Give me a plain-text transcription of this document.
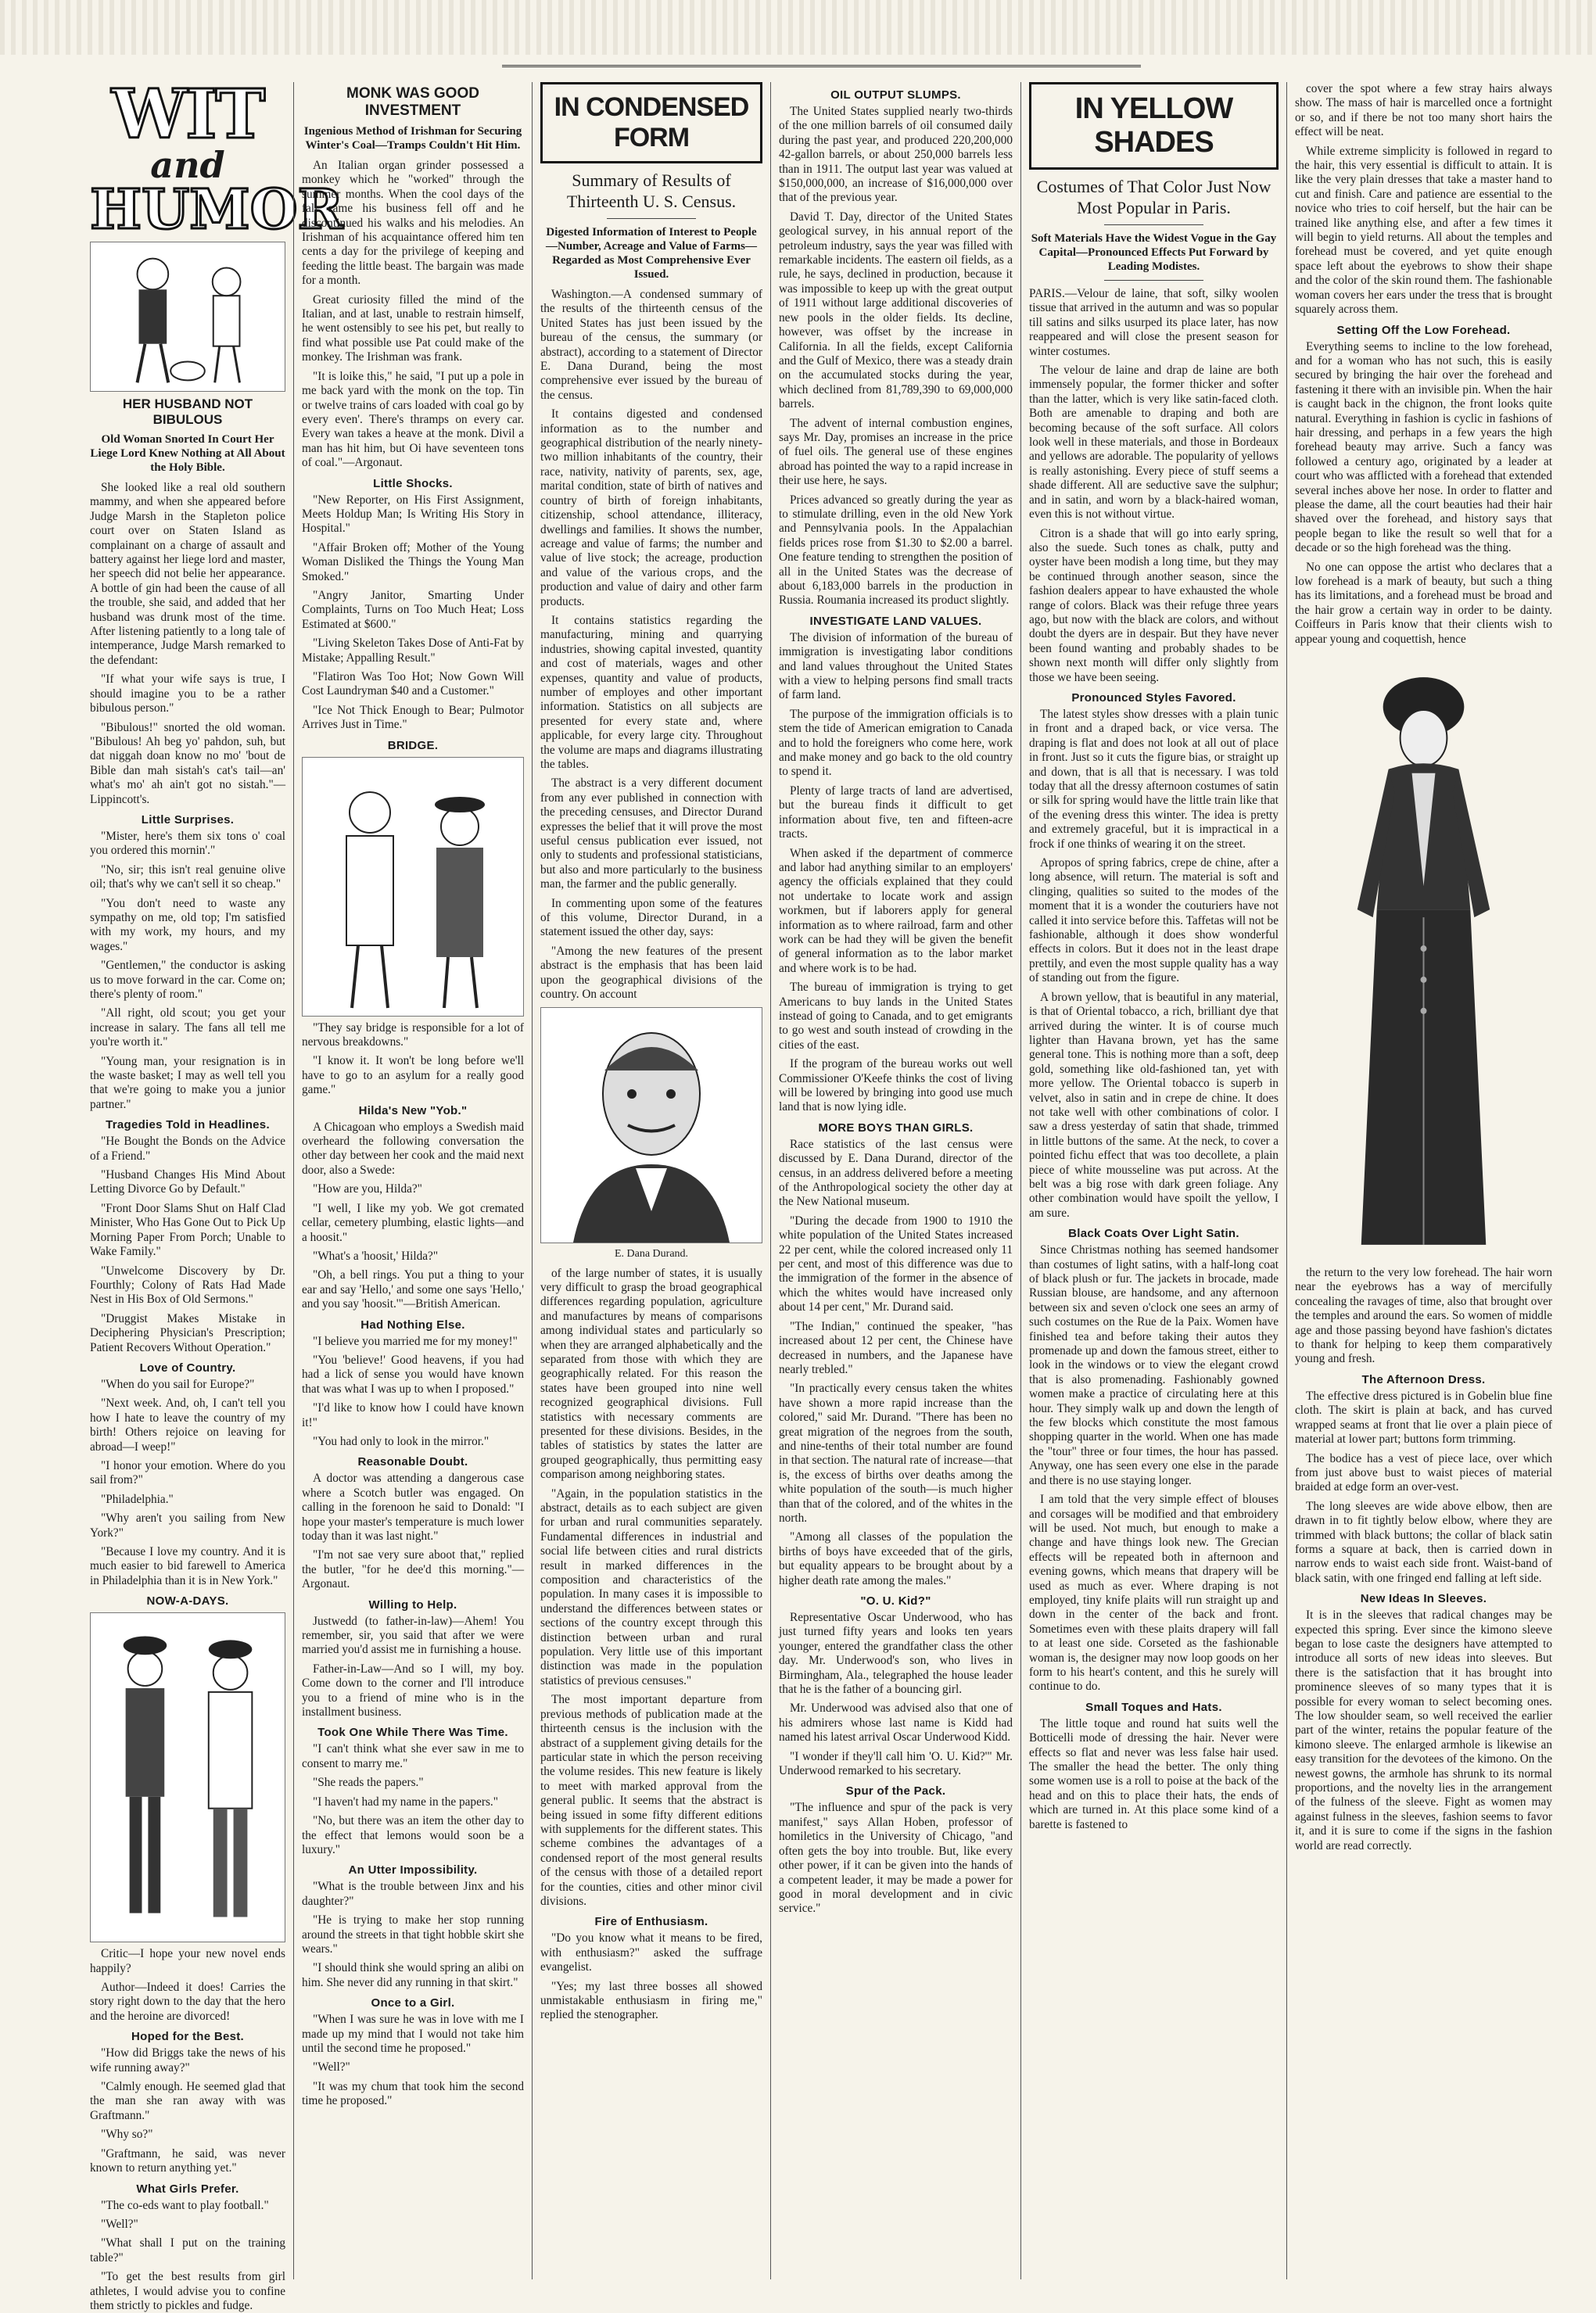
WIT
and
HUMOR
HER HUSBAND NOT BIBULOUS
Old Woman Snorted In Court Her Liege Lord Knew Nothing at All About the Holy Bible.

She looked like a real old southern mammy, and when she appeared before Judge Marsh in the Stapleton police court over on Staten Island as complainant on a charge of assault and battery against her liege lord and master, her speech did not belie her appearance. A bottle of gin had been the cause of all the trouble, she said, and added that her husband was drunk most of the time. After listening patiently to a long tale of intemperance, Judge Marsh remarked to the defendant:

"If what your wife says is true, I should imagine you to be a rather bibulous person."

"Bibulous!" snorted the old woman. "Bibulous! Ah beg yo' pahdon, suh, but dat niggah doan know no mo' 'bout de Bible dan mah sistah's cat's tail—an' what's mo' ah ain't got no sistah."—Lippincott's.

Little Surprises.

"Mister, here's them six tons o' coal you ordered this mornin'."

"No, sir; this isn't real genuine olive oil; that's why we can't sell it so cheap."

"You don't need to waste any sympathy on me, old top; I'm satisfied with my work, my hours, and my wages."

"Gentlemen," the conductor is asking us to move forward in the car. Come on; there's plenty of room."

"All right, old scout; you get your increase in salary. The fans all tell me you're worth it."

"Young man, your resignation is in the waste basket; I may as well tell you that we're going to make you a junior partner."

Tragedies Told in Headlines.

"He Bought the Bonds on the Advice of a Friend."

"Husband Changes His Mind About Letting Divorce Go by Default."

"Front Door Slams Shut on Half Clad Minister, Who Has Gone Out to Pick Up Morning Paper From Porch; Unable to Wake Family."

"Unwelcome Discovery by Dr. Fourthly; Colony of Rats Had Made Nest in His Box of Old Sermons."

"Druggist Makes Mistake in Deciphering Physician's Prescription; Patient Recovers Without Operation."

Love of Country.

"When do you sail for Europe?"

"Next week. And, oh, I can't tell you how I hate to leave the country of my birth! Others rejoice on leaving for abroad—I weep!"

"I honor your emotion. Where do you sail from?"

"Philadelphia."

"Why aren't you sailing from New York?"

"Because I love my country. And it is much easier to bid farewell to America in Philadelphia than it is in New York."

NOW-A-DAYS.

Critic—I hope your new novel ends happily?

Author—Indeed it does! Carries the story right down to the day that the hero and the heroine are divorced!

Hoped for the Best.

"How did Briggs take the news of his wife running away?"

"Calmly enough. He seemed glad that the man she ran away with was Graftmann."

"Why so?"

"Graftmann, he said, was never known to return anything yet."

What Girls Prefer.

"The co-eds want to play football."

"Well?"

"What shall I put on the training table?"

"To get the best results from girl athletes, I would advise you to confine them strictly to pickles and fudge.

MONK WAS GOOD INVESTMENT
Ingenious Method of Irishman for Securing Winter's Coal—Tramps Couldn't Hit Him.

An Italian organ grinder possessed a monkey which he "worked" through the summer months. When the cool days of the fall came his business fell off and he discontinued his walks and his melodies. An Irishman of his acquaintance offered him ten cents a day for the privilege of keeping and feeding the little beast. The bargain was made for a month.

Great curiosity filled the mind of the Italian, and at last, unable to restrain himself, he went ostensibly to see his pet, but really to find what possible use Pat could make of the monkey. The Irishman was frank.

"It is loike this," he said, "I put up a pole in me back yard with the monk on the top. Tin or twelve trains of cars loaded with coal go by every even'. There's thramps on every car. Every wan takes a heave at the monk. Divil a man has hit him, but Oi have seventeen tons of coal."—Argonaut.

Little Shocks.

"New Reporter, on His First Assignment, Meets Holdup Man; Is Writing His Story in Hospital."

"Affair Broken off; Mother of the Young Woman Disliked the Things the Young Man Smoked."

"Angry Janitor, Smarting Under Complaints, Turns on Too Much Heat; Loss Estimated at $600."

"Living Skeleton Takes Dose of Anti-Fat by Mistake; Appalling Result."

"Flatiron Was Too Hot; Now Gown Will Cost Laundryman $40 and a Customer."

"Ice Not Thick Enough to Bear; Pulmotor Arrives Just in Time."

BRIDGE.

"They say bridge is responsible for a lot of nervous breakdowns."

"I know it. It won't be long before we'll have to go to an asylum for a really good game."

Hilda's New "Yob."

A Chicagoan who employs a Swedish maid overheard the following conversation the other day between her cook and the maid next door, also a Swede:

"How are you, Hilda?"

"I well, I like my yob. We got cremated cellar, cemetery plumbing, elastic lights—and a hoosit."

"What's a 'hoosit,' Hilda?"

"Oh, a bell rings. You put a thing to your ear and say 'Hello,' and some one says 'Hello,' and you say 'hoosit.'"—British American.

Had Nothing Else.

"I believe you married me for my money!"

"You 'believe!' Good heavens, if you had had a lick of sense you would have known that was what I was up to when I proposed."

"I'd like to know how I could have known it!"

"You had only to look in the mirror."

Reasonable Doubt.

A doctor was attending a dangerous case where a Scotch butler was engaged. On calling in the forenoon he said to Donald: "I hope your master's temperature is much lower today than it was last night."

"I'm not sae very sure aboot that," replied the butler, "for he dee'd this morning."—Argonaut.

Willing to Help.

Justwedd (to father-in-law)—Ahem! You remember, sir, you said that after we were married you'd assist me in furnishing a house.

Father-in-Law—And so I will, my boy. Come down to the corner and I'll introduce you to a friend of mine who is in the installment business.

Took One While There Was Time.

"I can't think what she ever saw in me to consent to marry me."

"She reads the papers."

"I haven't had my name in the papers."

"No, but there was an item the other day to the effect that lemons would soon be a luxury."

An Utter Impossibility.

"What is the trouble between Jinx and his daughter?"

"He is trying to make her stop running around the streets in that tight hobble skirt she wears."

"I should think she would spring an alibi on him. She never did any running in that skirt."

Once to a Girl.

"When I was sure he was in love with me I made up my mind that I would not take him until the second time he proposed."

"Well?"

"It was my chum that took him the second time he proposed."

IN CONDENSED FORM
Summary of Results of Thirteenth U. S. Census.
Digested Information of Interest to People—Number, Acreage and Value of Farms—Regarded as Most Comprehensive Ever Issued.

Washington.—A condensed summary of the results of the thirteenth census of the United States has just been issued by the bureau of the census, the summary (or abstract), according to a statement of Director E. Dana Durand, being the most comprehensive ever issued by the bureau of the census.

It contains digested and condensed information as to the number and geographical distribution of the nearly ninety-two million inhabitants of the country, their race, nativity, nativity of parents, sex, age, marital condition, state of birth of natives and country of birth of foreign inhabitants, citizenship, school attendance, illiteracy, dwellings and families. It shows the number, acreage and value of farms; the number and value of live stock; the acreage, production and value of the various crops, and the production and value of dairy and other farm products.

It contains statistics regarding the manufacturing, mining and quarrying industries, showing capital invested, quantity and cost of materials, wages and other expenses, quantity and value of products, number of employes and other important information. Statistics on all subjects are presented for every state and, where applicable, for every large city. Throughout the volume are maps and diagrams illustrating the tables.

The abstract is a very different document from any ever published in connection with the preceding censuses, and Director Durand expresses the belief that it will prove the most useful census publication ever issued, not only to students and professional statisticians, but also and more particularly to the business man, the farmer and the public generally.

In commenting upon some of the features of this volume, Director Durand, in a statement issued the other day, says:

"Among the new features of the present abstract is the emphasis that has been laid upon the geographical divisions of the country. On account

E. Dana Durand.

of the large number of states, it is usually very difficult to grasp the broad geographical differences regarding population, agriculture and manufactures by means of comparisons among individual states and particularly so when they are arranged alphabetically and the separated from those with which they are geographically related. For this reason the states have been grouped into nine well recognized geographical divisions. Full statistics with necessary comments are presented for these divisions. Besides, in the tables of statistics by states the latter are grouped geographically, thus permitting easy comparison among neighboring states.

"Again, in the population statistics in the abstract, details as to each subject are given for urban and rural communities separately. Fundamental differences in industrial and social life between cities and rural districts result in marked differences in the composition and characteristics of the population. In many cases it is impossible to understand the differences between states or sections of the country except through this distinction between urban and rural population. Very little use of this important distinction was made in the population statistics of previous censuses."

The most important departure from previous methods of publication made at the thirteenth census is the inclusion with the abstract of a supplement giving details for the particular state in which the person receiving the volume resides. This new feature is likely to meet with marked approval from the general public. It seems that the abstract is being issued in some fifty different editions with supplements for the different states. This scheme combines the advantages of a condensed report of the most general results of the census with those of a detailed report for the counties, cities and other minor civil divisions.

Fire of Enthusiasm.

"Do you know what it means to be fired, with enthusiasm?" asked the suffrage evangelist.

"Yes; my last three bosses all showed unmistakable enthusiasm in firing me," replied the stenographer.

OIL OUTPUT SLUMPS.

The United States supplied nearly two-thirds of the one million barrels of oil consumed daily during the past year, and produced 220,200,000 42-gallon barrels, or about 250,000 barrels less than in 1911. The output last year was valued at $150,000,000, an increase of $16,000,000 over that of the previous year.

David T. Day, director of the United States geological survey, in his annual report of the petroleum industry, says the year was filled with remarkable incidents. The eastern oil fields, as a rule, he says, declined in production, because it was impossible to keep up with the great output of 1911 without large additional discoveries of new pools in the older fields. Its decline, however, was offset by the increase in California. In all the fields, except California and the Gulf of Mexico, there was a steady drain on the accumulated stocks during the year, which declined from 81,789,390 to 69,000,000 barrels.

The advent of internal combustion engines, says Mr. Day, promises an increase in the price of fuel oils. The general use of these engines abroad has pointed the way to a rapid increase in their use here, he says.

Prices advanced so greatly during the year as to stimulate drilling, even in the old New York and Pennsylvania pools. In the Appalachian fields prices rose from $1.30 to $2.00 a barrel. One feature tending to strengthen the position of all in the United States was the decrease of about 6,183,000 barrels in the production in Russia. Roumania increased its product slightly.

INVESTIGATE LAND VALUES.

The division of information of the bureau of immigration is investigating labor conditions and land values throughout the United States with a view to helping persons find small tracts of farm land.

The purpose of the immigration officials is to stem the tide of American emigration to Canada and to hold the foreigners who come here, work and make money and go back to the old country to spend it.

Plenty of large tracts of land are advertised, but the bureau finds it difficult to get information about five, ten and fifteen-acre tracts.

When asked if the department of commerce and labor had anything similar to an employers' agency the officials explained that they could not undertake to locate work and assign workmen, but if laborers apply for general information as to where railroad, farm and other work can be had they will be given the benefit of general information as to the labor market and where work is to be had.

The bureau of immigration is trying to get Americans to buy lands in the United States instead of going to Canada, and to get emigrants to go west and south instead of crowding in the cities of the east.

If the program of the bureau works out well Commissioner O'Keefe thinks the cost of living will be lowered by bringing into good use much land that is now lying idle.

MORE BOYS THAN GIRLS.

Race statistics of the last census were discussed by E. Dana Durand, director of the census, in an address delivered before a meeting of the Anthropological society the other day at the New National museum.

"During the decade from 1900 to 1910 the white population of the United States increased 22 per cent, while the colored increased only 11 per cent, and most of this difference was due to the immigration of the former in the absence of which the whites would have increased only about 14 per cent," Mr. Durand said.

"The Indian," continued the speaker, "has increased about 12 per cent, the Chinese have decreased in numbers, and the Japanese have nearly trebled."

"In practically every census taken the whites have shown a more rapid increase than the colored," said Mr. Durand. "There has been no great migration of the negroes from the south, and nine-tenths of their total number are found in that section. The natural rate of increase—that is, the excess of births over deaths among the white population of the south—is much higher than that of the colored, and of the whites in the north.

"Among all classes of the population the births of boys have exceeded that of the girls, but equality appears to be brought about by a higher death rate among the males."

"O. U. Kid?"

Representative Oscar Underwood, who has just turned fifty years and looks ten years younger, entered the grandfather class the other day. Mr. Underwood's son, who lives in Birmingham, Ala., telegraphed the house leader that he is the father of a bouncing girl.

Mr. Underwood was advised also that one of his admirers whose last name is Kidd had named his latest arrival Oscar Underwood Kidd.

"I wonder if they'll call him 'O. U. Kid?'" Mr. Underwood remarked to his secretary.

Spur of the Pack.

"The influence and spur of the pack is very manifest," says Allan Hoben, professor of homiletics in the University of Chicago, "and often gets the boy into trouble. But, like every other power, if it can be given into the hands of a competent leader, it may be made a power for good in moral development and in civic service."

IN YELLOW SHADES
Costumes of That Color Just Now Most Popular in Paris.
Soft Materials Have the Widest Vogue in the Gay Capital—Pronounced Effects Put Forward by Leading Modistes.

PARIS.—Velour de laine, that soft, silky woolen tissue that arrived in the autumn and was so popular till satins and silks usurped its place later, has now reappeared and will close the present season for winter costumes.

The velour de laine and drap de laine are both immensely popular, the former thicker and softer than the latter, which is very like satin-faced cloth. Both are amenable to draping and both are becoming because of the soft surface. All colors look well in these materials, and those in Bordeaux and yellows are adorable. The popularity of yellows is really astonishing. Every piece of stuff seems a shade different. All are seductive save the sulphur; and in satin, and worn by a black-haired woman, even this is not without virtue.

Citron is a shade that will go into early spring, also the suede. Such tones as chalk, putty and oyster have been modish a long time, but they may be continued through another season, since the fashion dealers appear to have exhausted the whole range of colors. Black was their refuge three years ago, but now with the black are colors, and without doubt the dyers are in despair. But they have never been found wanting and probably shades to be shown next month will differ only slightly from those we have been seeing.

Pronounced Styles Favored.

The latest styles show dresses with a plain tunic in front and a draped back, or vice versa. The draping is flat and does not look at all out of place in front. Just so it cuts the figure bias, or straight up and down, that is all that is necessary. I was told today that all the dressy afternoon costumes of satin or silk for spring would have the little train like that of the evening dress this winter. The idea is pretty and extremely graceful, but it is impractical in a frock if one thinks of wearing it on the street.

Apropos of spring fabrics, crepe de chine, after a long absence, will return. The material is soft and clinging, qualities so suited to the modes of the moment that it is a wonder the couturiers have not called it into service before this. Taffetas will not be fashionable, although it does show wonderful effects in colors. But it does not in the least drape prettily, and even the most supple quality has a way of standing out from the figure.

A brown yellow, that is beautiful in any material, is that of Oriental tobacco, a rich, brilliant dye that arrived during the winter. It is of course much lighter than Havana brown, yet has the same general tone. This is nothing more than a soft, deep gold, something like old-fashioned tan, yet with more yellow. The Oriental tobacco is superb in velvet, also in satin and in crepe de chine. It does not take well with other combinations of color. I saw a dress yesterday of satin that shade, trimmed in little buttons of the same. At the neck, to cover a pointed fichu effect that was too decollete, a plain piece of white mousseline was put across. At the belt was a big rose with dark green foliage. Any other combination would have spoilt the yellow, I am sure.

Black Coats Over Light Satin.

Since Christmas nothing has seemed handsomer than costumes of light satins, with a half-long coat of black plush or fur. The jackets in brocade, made Russian blouse, are handsome, and any afternoon between six and seven o'clock one sees an army of such costumes on the Rue de la Paix. Women have finished tea and before taking their autos they promenade up and down the famous street, either to look in the windows or to view the elegant crowd that is also promenading. Fashionably gowned women make a practice of circulating here at this hour. They simply walk up and down the length of the few blocks which constitute the most famous shopping quarter in the world. When one has made the "tour" three or four times, the hour has passed. Anyway, one has seen every one else in the parade and there is no use staying longer.

I am told that the very simple effect of blouses and corsages will be modified and that embroidery will be used. Not much, but enough to make a change and have things look new. The Grecian effects will be repeated both in afternoon and evening gowns, which means that drapery will be used as much as ever. Where draping is not employed, tiny knife plaits will run straight up and down in the center of the back and front. Sometimes even with these plaits drapery will fall to at least one side. Corseted as the fashionable woman is, the designer may now loop goods on her form to his heart's content, and this he surely will continue to do.

Small Toques and Hats.

The little toque and round hat suits well the Botticelli mode of dressing the hair. Never were effects so flat and never was less false hair used. The smaller the head the better. The only thing some women use is a roll to poise at the back of the head and on this to place their hats, the ends of which are turned in. At this place some kind of a barette is fastened to

cover the spot where a few stray hairs always show. The mass of hair is marcelled once a fortnight or so, and if there be not too many short hairs the effect will be neat.

While extreme simplicity is followed in regard to the hair, this very essential is difficult to attain. It is like the very plain dresses that take a master hand to cut and finish. Care and patience are essential to the novice who tries to coif herself, but the hair can be trained like anything else, and after a few times it will begin to yield returns. All about the temples and forehead must be covered, and yet quite enough space left about the eyebrows to show their shape and the color of the skin round them. The fashionable woman covers her ears under the tress that is brought squarely across them.

Setting Off the Low Forehead.

Everything seems to incline to the low forehead, and for a woman who has not such, this is easily secured by bringing the hair over the forehead and fastening it there with an invisible pin. When the hair is caught back in the chignon, the front looks quite natural. Everything in fashion is cyclic in fashions of hair dressing, and perhaps in a few years the high forehead beauty may arrive. Such a fancy was followed a century ago, originated by a leader at court who was afflicted with a forehead that extended several inches above her nose. In order to flatter and please the dame, all the court beauties had their hair shaved over the forehead, and history says that people began to like the result so well that for a decade or so the high forehead was the thing.

No one can oppose the artist who declares that a low forehead is a mark of beauty, but such a thing has its limitations, and a forehead must be broad and the hair grow a certain way in order to be dainty. Coiffeurs in Paris know that their clients wish to appear young and coquettish, hence

the return to the very low forehead. The hair worn near the eyebrows has a way of mercifully concealing the ravages of time, also that brought over the temples and around the ears. So women of middle age and those passing beyond have fashion's dictates to thank for helping to keep them comparatively young and fresh.

The Afternoon Dress.

The effective dress pictured is in Gobelin blue fine cloth. The skirt is plain at back, and has curved wrapped seams at front that lie over a plain piece of material at lower part; buttons form trimming.

The bodice has a vest of piece lace, over which from just above bust to waist pieces of material braided at edge form an over-vest.

The long sleeves are wide above elbow, then are drawn in to fit tightly below elbow, where they are trimmed with black buttons; the collar of black satin forms a square at back, then is carried down in narrow ends to waist each side front. Waist-band of black satin, with one fringed end falling at left side.

New Ideas In Sleeves.

It is in the sleeves that radical changes may be expected this spring. Ever since the kimono sleeve began to lose caste the designers have attempted to introduce all sorts of new ideas into sleeves. But there is the satisfaction that it has brought into prominence sleeves of so many types that it is possible for every woman to select becoming ones. The low shoulder seam, so well received the earlier part of the winter, retains the popular feature of the kimono sleeve. The enlarged armhole is likewise an easy transition for the devotees of the kimono. On the newest gowns, the armhole has shrunk to its normal proportions, and the novelty lies in the arrangement of the fulness of the sleeve. Fight as women may against fulness in the sleeves, fashion seems to favor it, and it is sure to come if the signs in the fashion world are read correctly.
